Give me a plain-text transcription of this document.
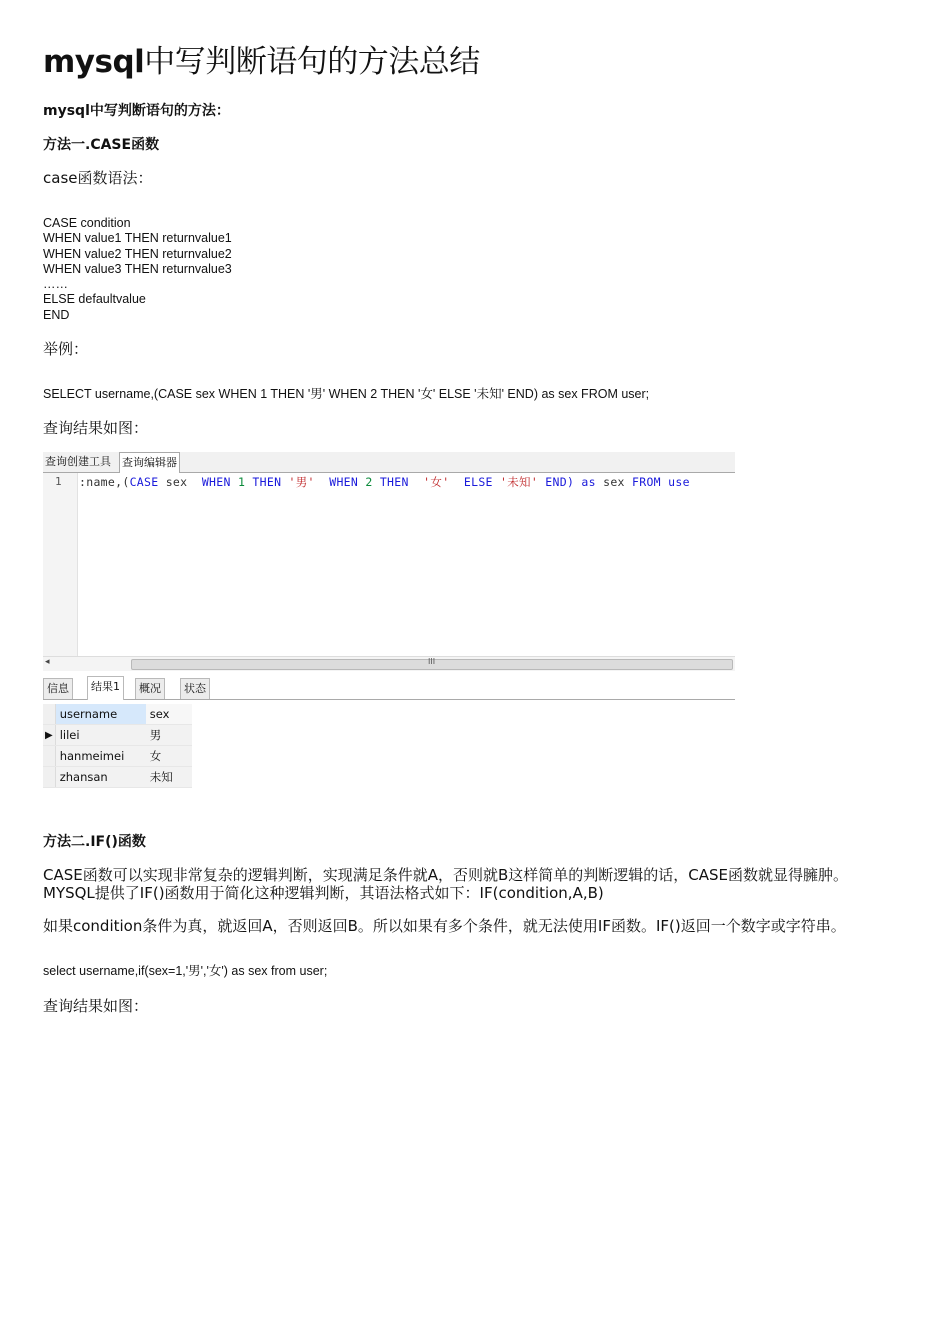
mysql中写判断语句的方法总结
mysql中写判断语句的方法：
方法一.CASE函数
case函数语法：
CASE condition
WHEN value1 THEN returnvalue1
WHEN value2 THEN returnvalue2
WHEN value3 THEN returnvalue3
……
ELSE defaultvalue
END
举例：
SELECT username,(CASE sex WHEN 1 THEN '男' WHEN 2 THEN '女' ELSE '未知' END) as sex FROM user;
查询结果如图：
查询创建工具 查询编辑器
1 :name,(CASE sex  WHEN 1 THEN '男'  WHEN 2 THEN  '女'  ELSE '未知' END) as sex FROM use
◂	III
信息	结果1	概况	状态
	username	sex
▶	lilei	男
	hanmeimei	女
	zhansan	未知
方法二.IF()函数
CASE函数可以实现非常复杂的逻辑判断，实现满足条件就A，否则就B这样简单的判断逻辑的话，CASE函数就显得臃肿。
MYSQL提供了IF()函数用于简化这种逻辑判断，其语法格式如下：IF(condition,A,B)
如果condition条件为真，就返回A，否则返回B。所以如果有多个条件，就无法使用IF函数。IF()返回一个数字或字符串。
select username,if(sex=1,'男','女') as sex from user;
查询结果如图：
